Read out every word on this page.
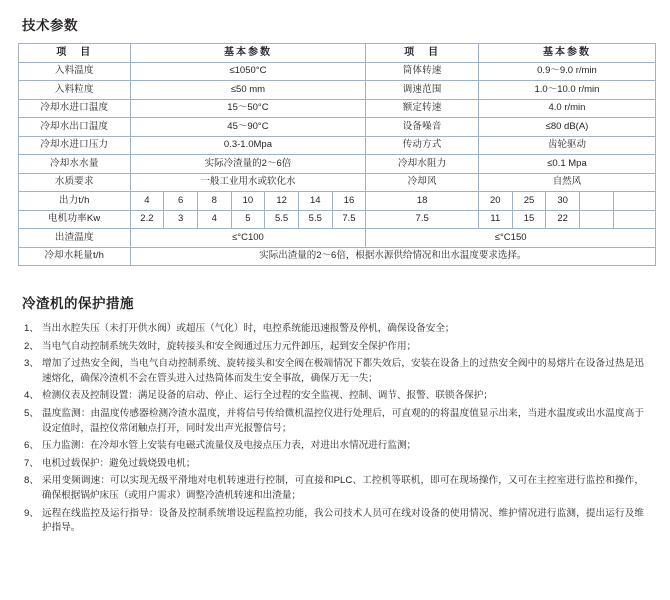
技术参数
项　目	基本参数							项　目	基本参数				
入料温度	≤1050°C							筒体转速	0.9～9.0 r/min				
入料粒度	≤50 mm							调速范围	1.0～10.0 r/min				
冷却水进口温度	15～50°C							额定转速	4.0 r/min				
冷却水出口温度	45～90°C							设备噪音	≤80 dB(A)				
冷却水进口压力	0.3-1.0Mpa							传动方式	齿轮驱动				
冷却水水量	实际冷渣量的2～6倍							冷却水阻力	≤0.1 Mpa				
水质要求	一般工业用水或软化水							冷却风	自然风				
出力t/h	4	6	8	10	12	14	16	18	20	25	30		
电机功率Kw	2.2	3	4	5	5.5	5.5	7.5	7.5	11	15	22		
出渣温度	≤°C100							≤°C150					
冷却水耗量t/h	实际出渣量的2～6倍，根据水源供给情况和出水温度要求选择。												
冷渣机的保护措施
1、 当出水腔失压（未打开供水阀）或超压（气化）时，电控系统能迅速报警及停机，确保设备安全；
2、 当电气自动控制系统失效时，旋转接头和安全阀通过压力元件卸压，起到安全保护作用；
3、 增加了过热安全阀，当电气自动控制系统、旋转接头和安全阀在极端情况下都失效后，安装在设备上的过热安全阀中的易熔片在设备过热是迅速熔化，确保冷渣机不会在管头进入过热筒体而发生安全事故，确保万无一失；
4、 检测仪表及控制设置：满足设备的启动、停止、运行全过程的安全监视、控制、调节、报警、联锁各保护；
5、 温度监测：由温度传感器检测冷渣水温度，并将信号传给微机温控仪进行处理后，可直观的的将温度值显示出来，当进水温度或出水温度高于设定值时，温控仪常闭触点打开，同时发出声光报警信号；
6、 压力监测：在冷却水管上安装有电磁式流量仪及电接点压力表，对进出水情况进行监测；
7、 电机过载保护：避免过载烧毁电机；
8、 采用变频调速：可以实现无级平滑地对电机转速进行控制，可直接和PLC、工控机等联机，即可在现场操作，又可在主控室进行监控和操作，确保根据锅炉床压（或用户需求）调整冷渣机转速和出渣量；
9、 远程在线监控及运行指导：设备及控制系统增设远程监控功能，我公司技术人员可在线对设备的使用情况、维护情况进行监测，提出运行及维护指导。
